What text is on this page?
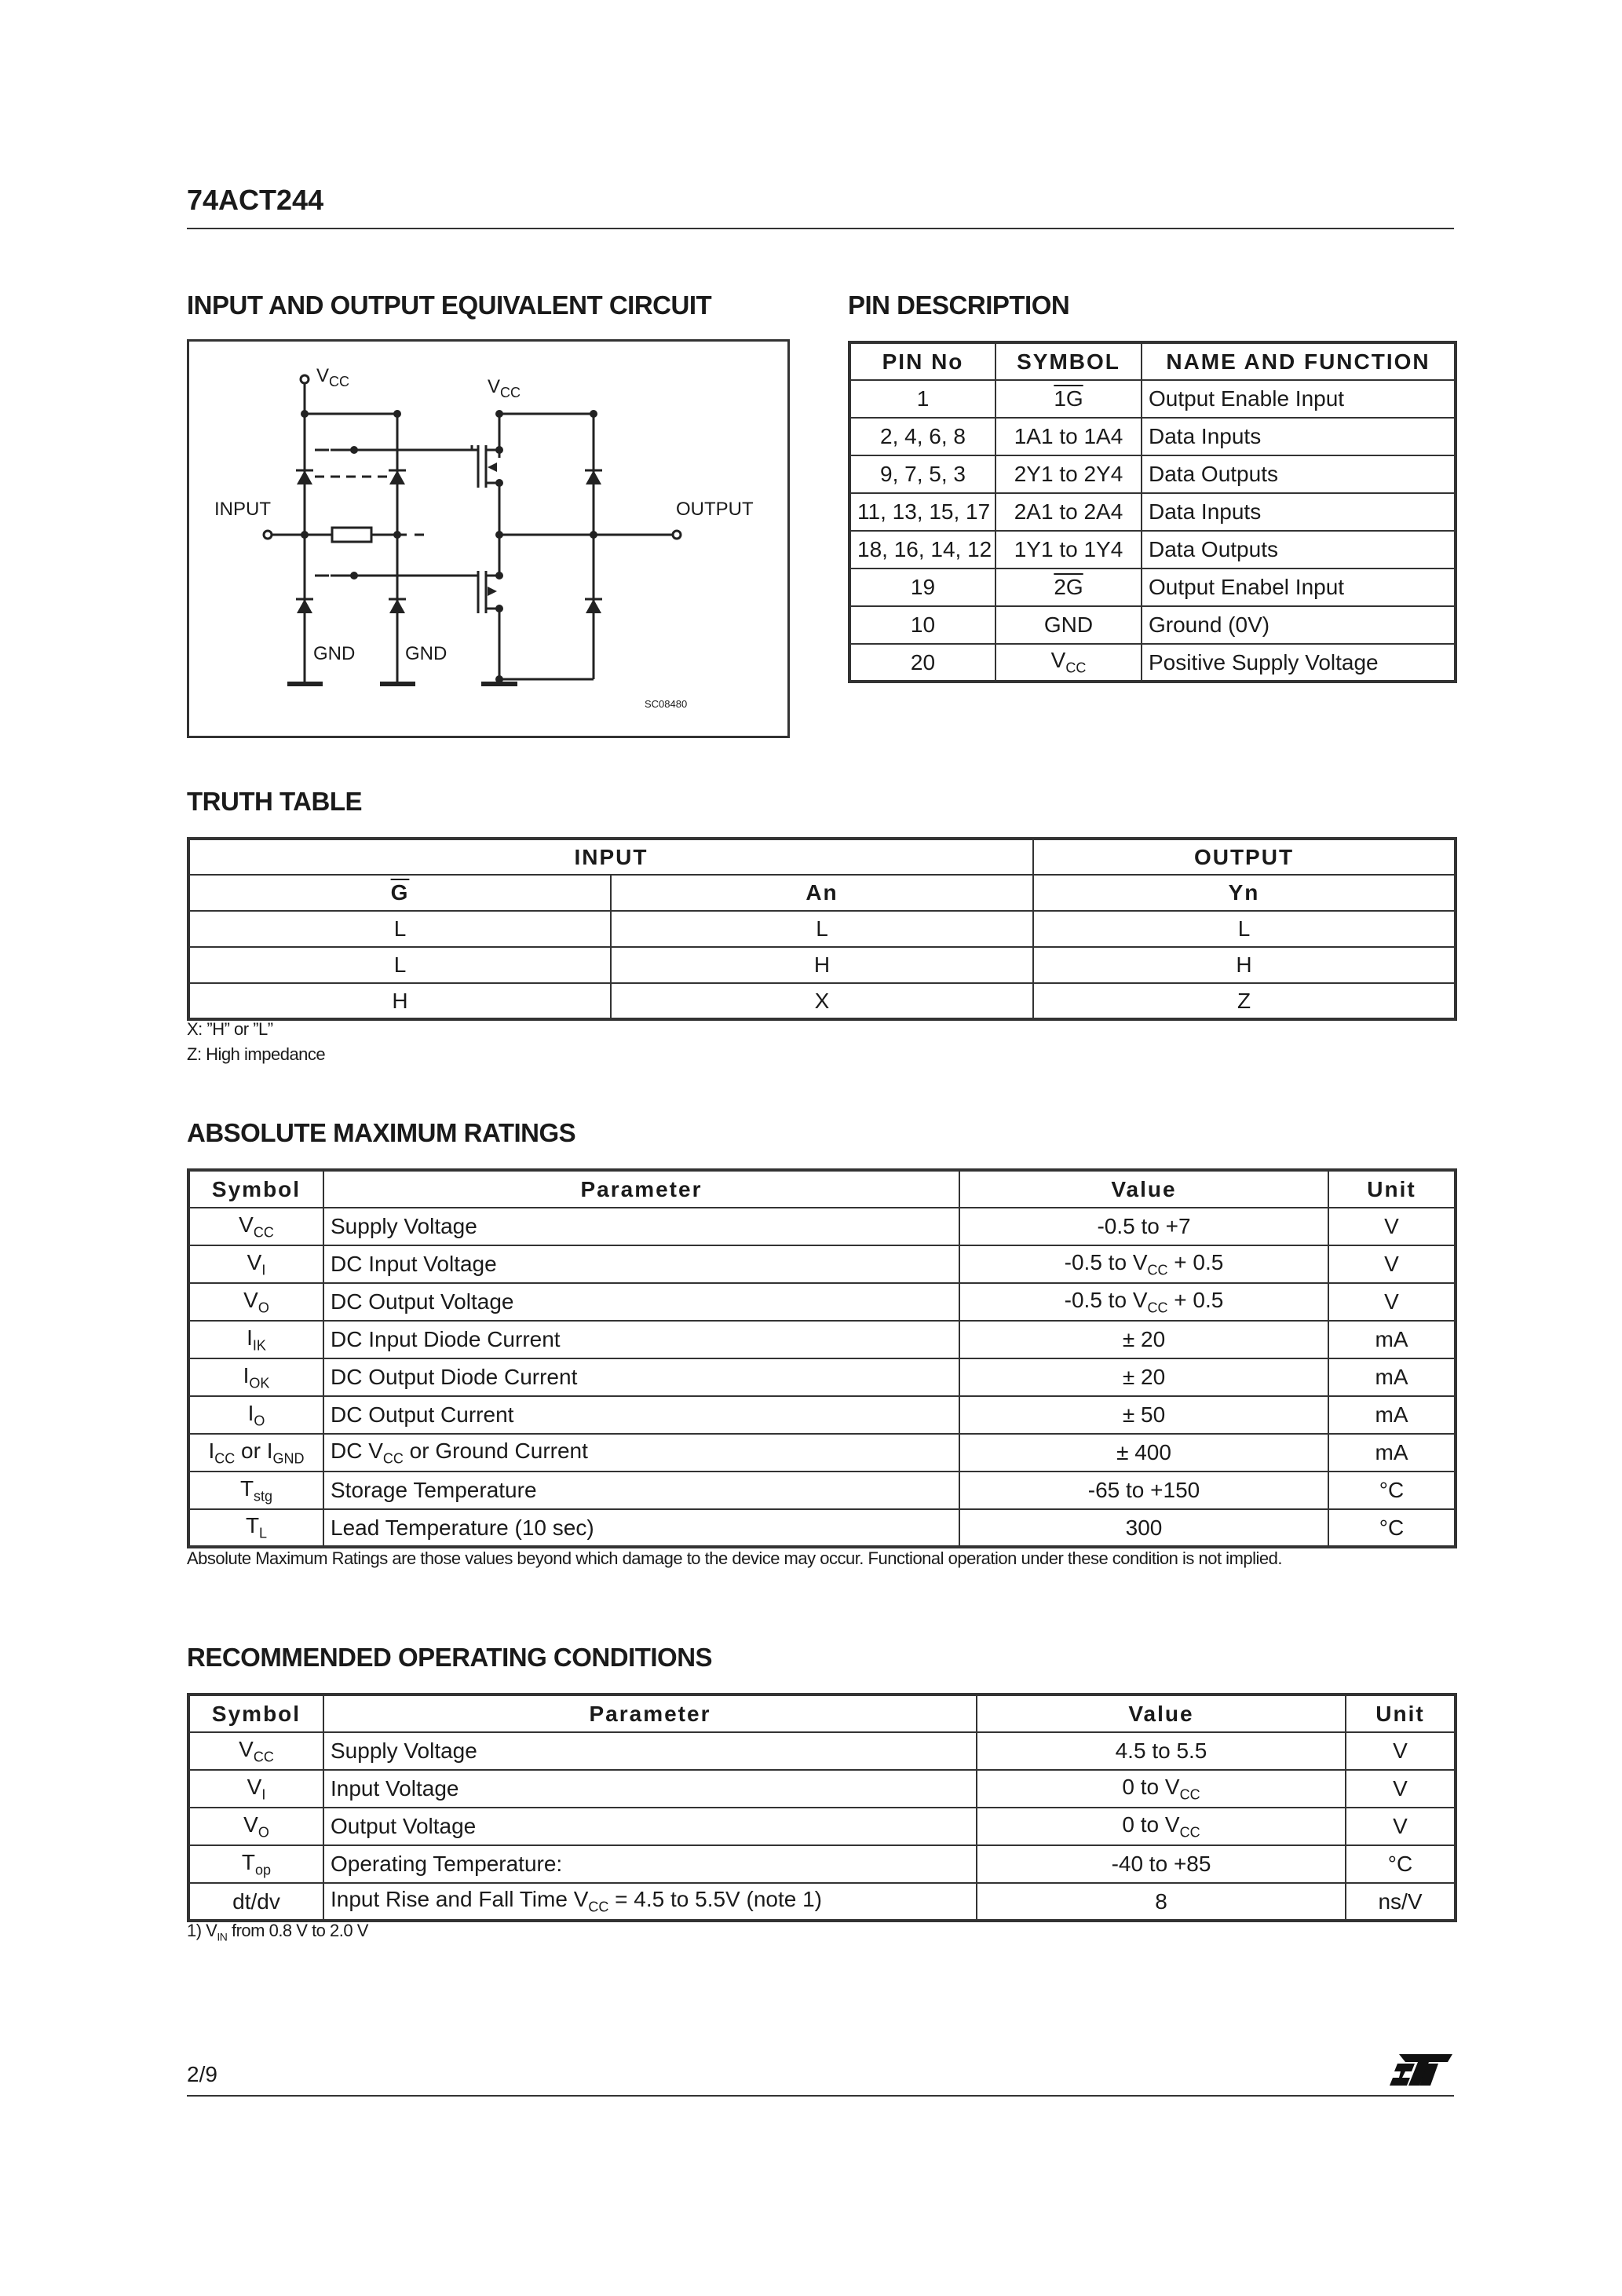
74ACT244
INPUT AND OUTPUT EQUIVALENT CIRCUIT
$V_{CC}$	$V_{CC}$
INPUT	OUTPUT
GND	GND
SC08480
PIN DESCRIPTION
PIN No	SYMBOL	NAME AND FUNCTION
1	1G	Output Enable Input
2, 4, 6, 8	1A1 to 1A4	Data Inputs
9, 7, 5, 3	2Y1 to 2Y4	Data Outputs
11, 13, 15, 17	2A1 to 2A4	Data Inputs
18, 16, 14, 12	1Y1 to 1Y4	Data Outputs
19	2G	Output Enabel Input
10	GND	Ground (0V)
20	$V_{CC}$	Positive Supply Voltage
TRUTH TABLE
INPUT		OUTPUT
$\overline{G}$	An	Yn
L	L	L
L	H	H
H	X	Z
X: ”H” or ”L”
Z: High impedance
ABSOLUTE MAXIMUM RATINGS
Symbol	Parameter	Value	Unit
$V_{CC}$	Supply Voltage	-0.5 to +7	V
$V_I$	DC Input Voltage	-0.5 to $V_{CC} + 0.5$	V
$V_O$	DC Output Voltage	-0.5 to $V_{CC} + 0.5$	V
$I_{IK}$	DC Input Diode Current	± 20	mA
$I_{OK}$	DC Output Diode Current	± 20	mA
$I_O$	DC Output Current	± 50	mA
$I_{CC}$ or $I_{GND}$	DC $V_{CC}$ or Ground Current	± 400	mA
$T_{stg}$	Storage Temperature	-65 to +150	°C
$T_L$	Lead Temperature (10 sec)	300	°C
Absolute Maximum Ratings are those values beyond which damage to the device may occur. Functional operation under these condition is not implied.
RECOMMENDED OPERATING CONDITIONS
Symbol	Parameter	Value	Unit
$V_{CC}$	Supply Voltage	4.5 to 5.5	V
$V_I$	Input Voltage	0 to $V_{CC}$	V
$V_O$	Output Voltage	0 to $V_{CC}$	V
$T_{op}$	Operating Temperature:	-40 to +85	°C
dt/dv	Input Rise and Fall Time $V_{CC} = 4.5$ to 5.5V (note 1)	8	ns/V
1) $V_{IN}$ from 0.8 V to 2.0 V
2/9
